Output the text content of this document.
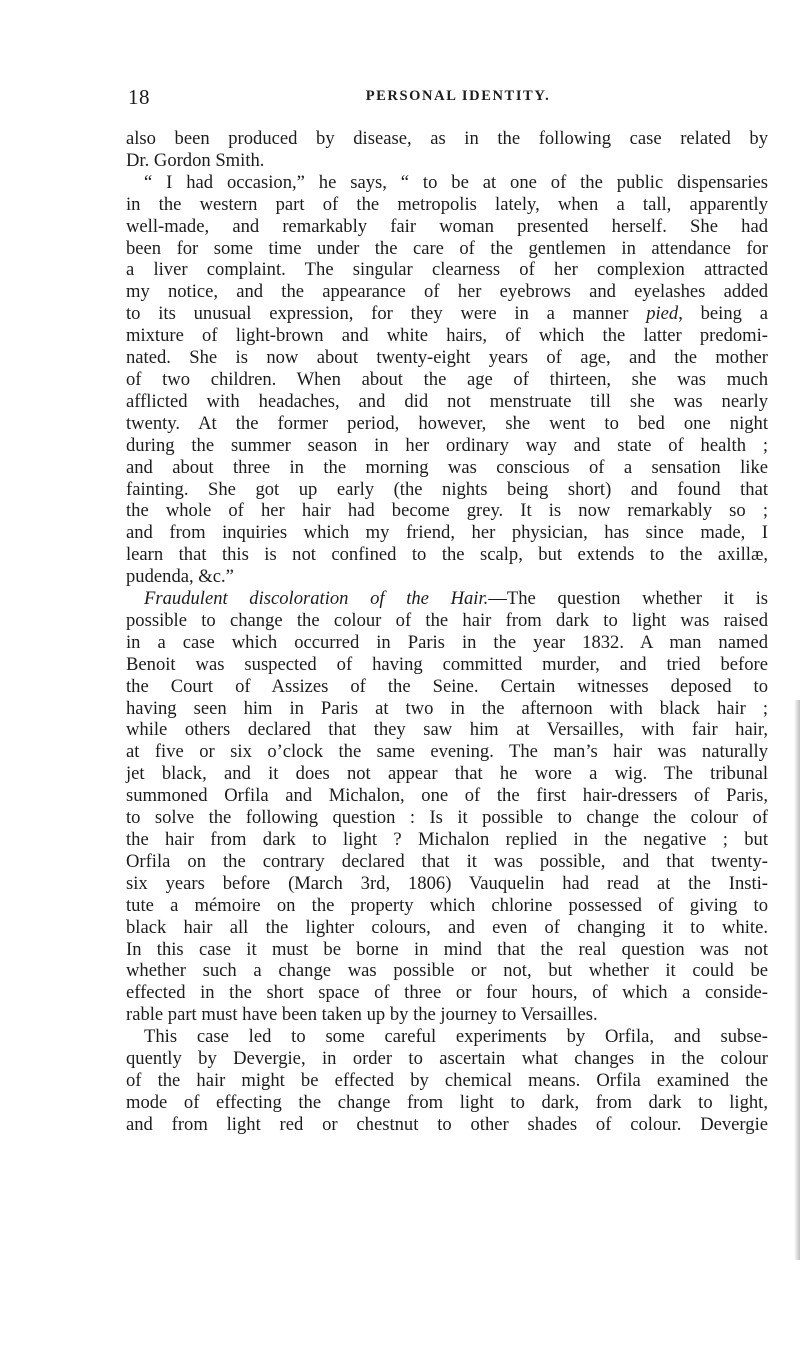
18	PERSONAL IDENTITY.
also been produced by disease, as in the following case related by
Dr. Gordon Smith.
“ I had occasion,” he says, “ to be at one of the public dispensaries
in the western part of the metropolis lately, when a tall, apparently
well-made, and remarkably fair woman presented herself. She had
been for some time under the care of the gentlemen in attendance for
a liver complaint. The singular clearness of her complexion attracted
my notice, and the appearance of her eyebrows and eyelashes added
to its unusual expression, for they were in a manner pied, being a
mixture of light-brown and white hairs, of which the latter predomi-
nated. She is now about twenty-eight years of age, and the mother
of two children. When about the age of thirteen, she was much
afflicted with headaches, and did not menstruate till she was nearly
twenty. At the former period, however, she went to bed one night
during the summer season in her ordinary way and state of health ;
and about three in the morning was conscious of a sensation like
fainting. She got up early (the nights being short) and found that
the whole of her hair had become grey. It is now remarkably so ;
and from inquiries which my friend, her physician, has since made, I
learn that this is not confined to the scalp, but extends to the axillæ,
pudenda, &c.”
Fraudulent discoloration of the Hair.—The question whether it is
possible to change the colour of the hair from dark to light was raised
in a case which occurred in Paris in the year 1832. A man named
Benoit was suspected of having committed murder, and tried before
the Court of Assizes of the Seine. Certain witnesses deposed to
having seen him in Paris at two in the afternoon with black hair ;
while others declared that they saw him at Versailles, with fair hair,
at five or six o’clock the same evening. The man’s hair was naturally
jet black, and it does not appear that he wore a wig. The tribunal
summoned Orfila and Michalon, one of the first hair-dressers of Paris,
to solve the following question : Is it possible to change the colour of
the hair from dark to light ? Michalon replied in the negative ; but
Orfila on the contrary declared that it was possible, and that twenty-
six years before (March 3rd, 1806) Vauquelin had read at the Insti-
tute a mémoire on the property which chlorine possessed of giving to
black hair all the lighter colours, and even of changing it to white.
In this case it must be borne in mind that the real question was not
whether such a change was possible or not, but whether it could be
effected in the short space of three or four hours, of which a conside-
rable part must have been taken up by the journey to Versailles.
This case led to some careful experiments by Orfila, and subse-
quently by Devergie, in order to ascertain what changes in the colour
of the hair might be effected by chemical means. Orfila examined the
mode of effecting the change from light to dark, from dark to light,
and from light red or chestnut to other shades of colour. Devergie
